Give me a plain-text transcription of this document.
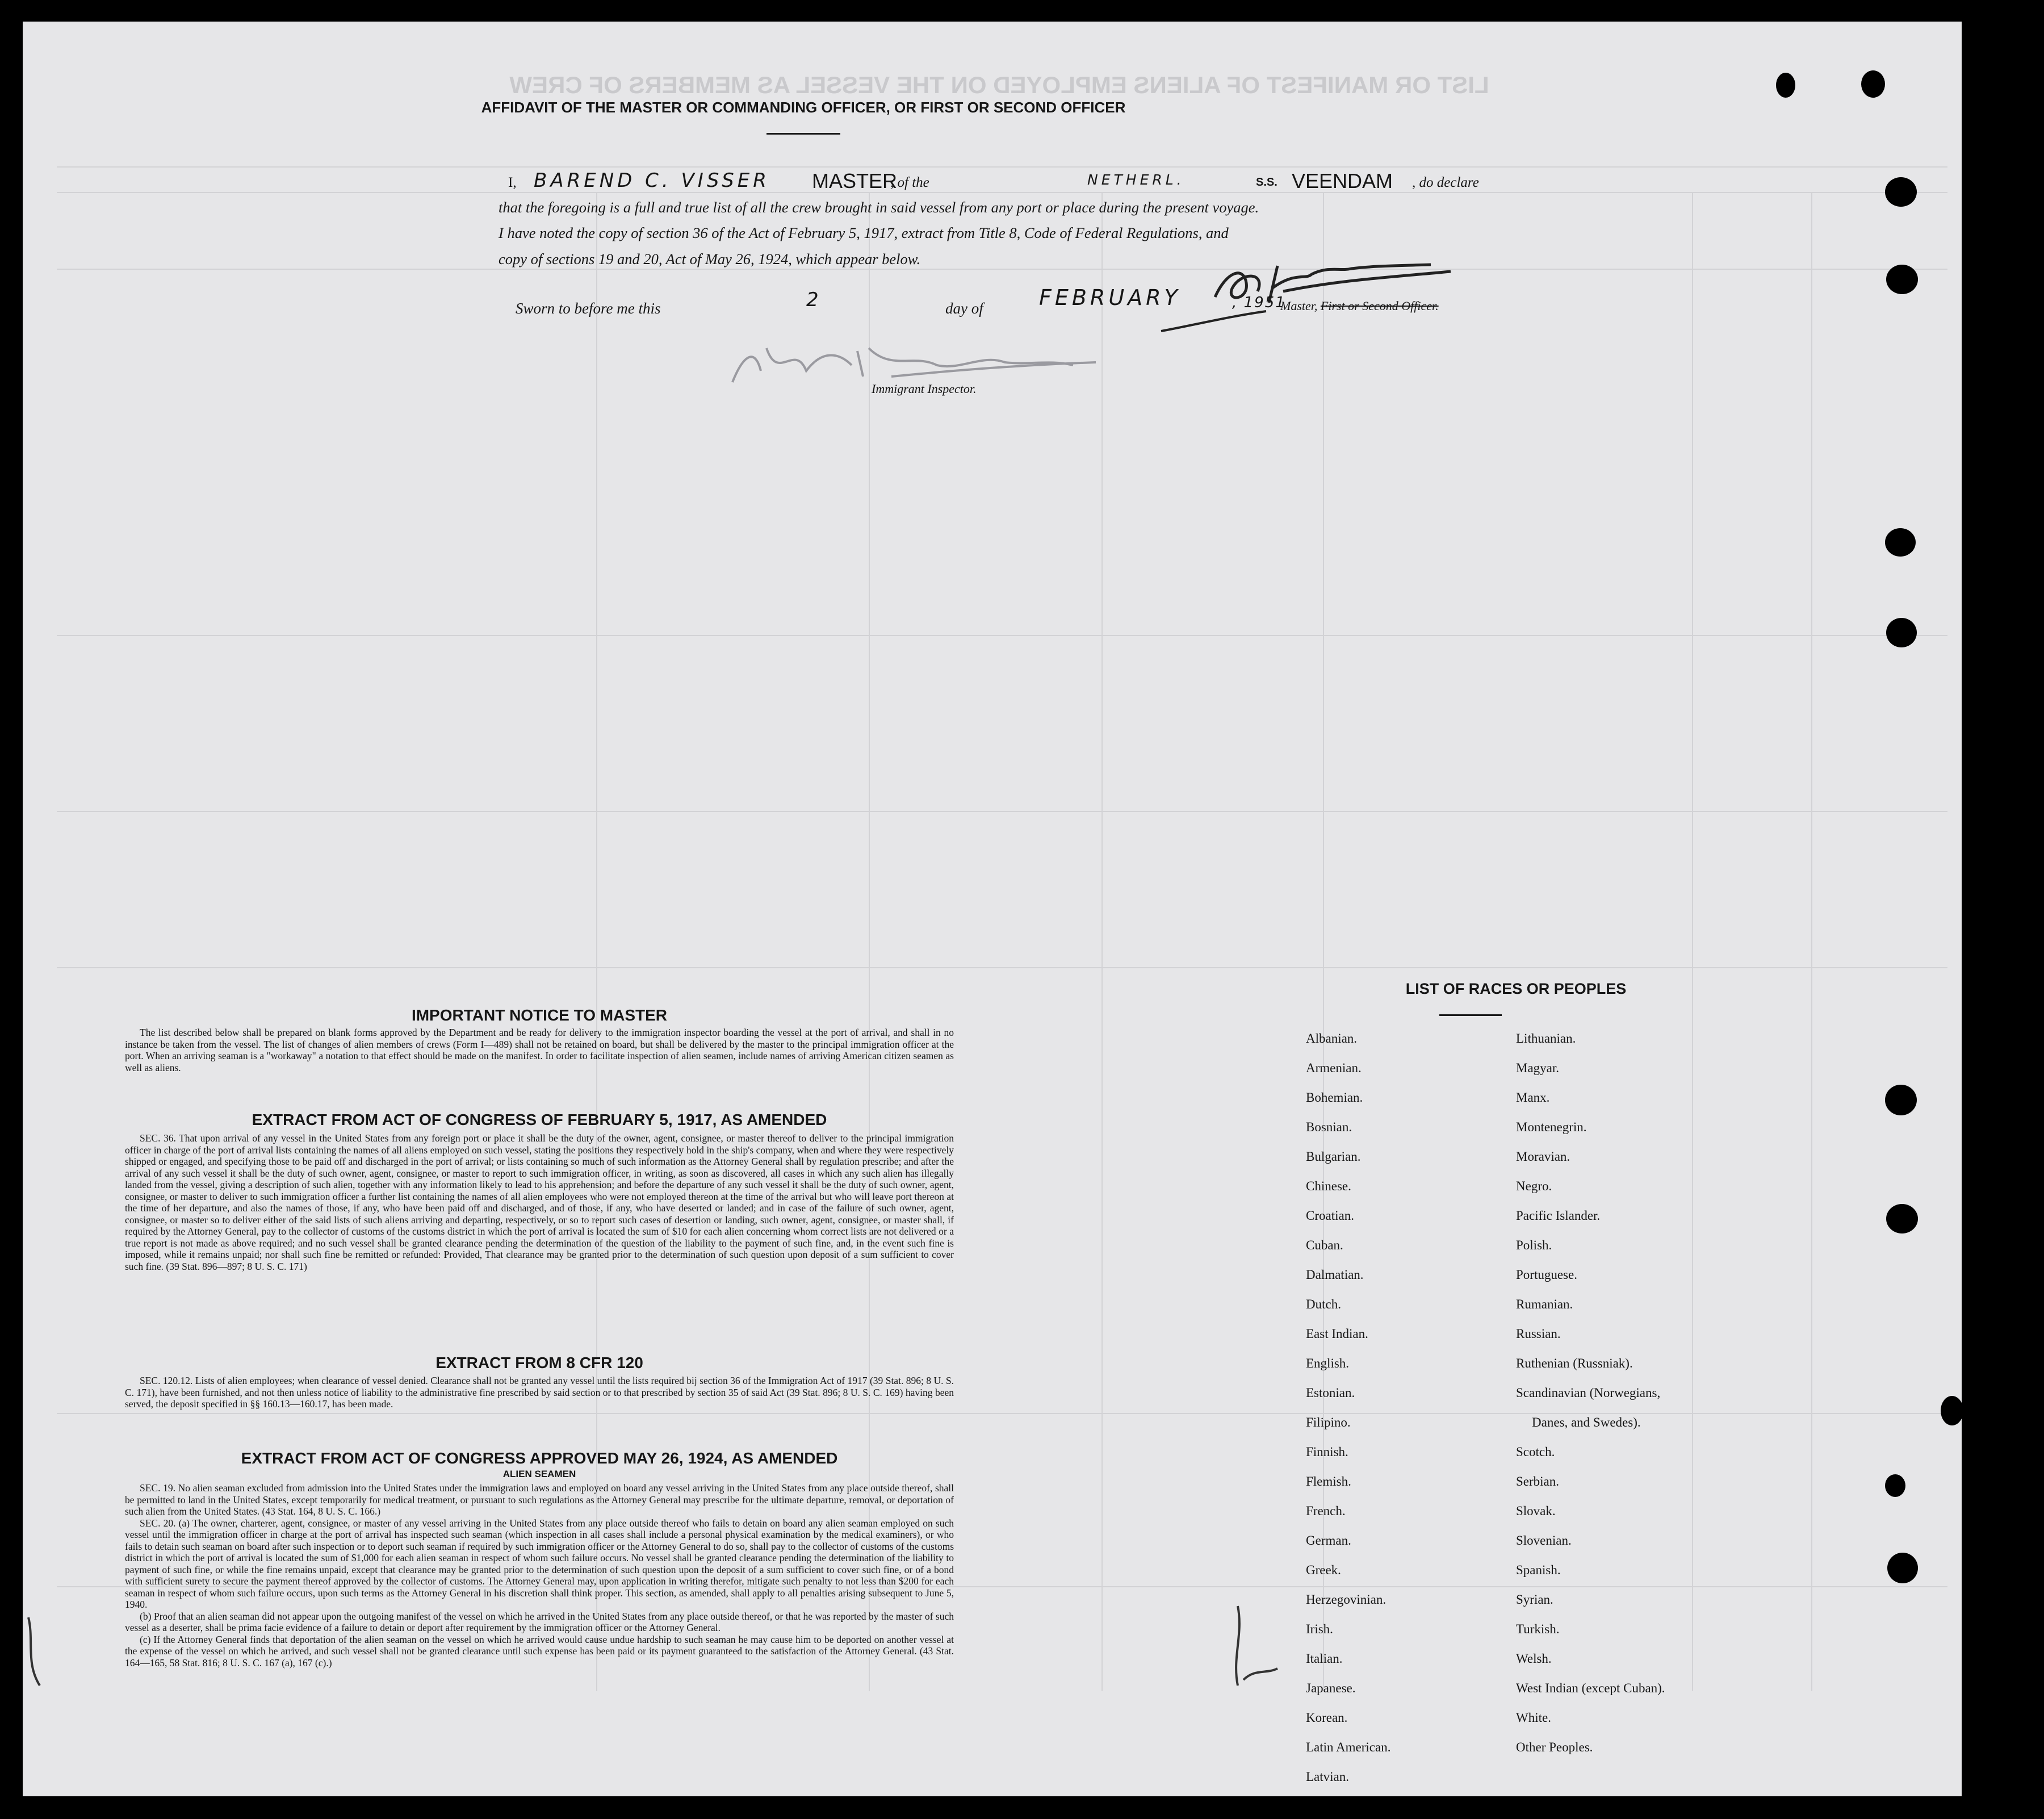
LIST OR MANIFEST OF ALIENS EMPLOYED ON THE VESSEL AS MEMBERS OF CREW
AFFIDAVIT OF THE MASTER OR COMMANDING OFFICER, OR FIRST OR SECOND OFFICER
I, BAREND C. VISSER MASTER
, of the	NETHERL.	S.S. VEENDAM , do declare
that the foregoing is a full and true list of all the crew brought in said vessel from any port or place during the present voyage.
I have noted the copy of section 36 of the Act of February 5, 1917, extract from Title 8, Code of Federal Regulations, and
copy of sections 19 and 20, Act of May 26, 1924, which appear below.
Master, First or Second Officer.
Sworn to before me this	2	day of	FEBRUARY	, 1951
Immigrant Inspector.
IMPORTANT NOTICE TO MASTER

The list described below shall be prepared on blank forms approved by the Department and be ready for delivery to the immigration inspector boarding the vessel at the port of arrival, and shall in no instance be taken from the vessel. The list of changes of alien members of crews (Form I—489) shall not be retained on board, but shall be delivered by the master to the principal immigration officer at the port. When an arriving seaman is a "workaway" a notation to that effect should be made on the manifest. In order to facilitate inspection of alien seamen, include names of arriving American citizen seamen as well as aliens.

EXTRACT FROM ACT OF CONGRESS OF FEBRUARY 5, 1917, AS AMENDED

SEC. 36. That upon arrival of any vessel in the United States from any foreign port or place it shall be the duty of the owner, agent, consignee, or master thereof to deliver to the principal immigration officer in charge of the port of arrival lists containing the names of all aliens employed on such vessel, stating the positions they respectively hold in the ship's company, when and where they were respectively shipped or engaged, and specifying those to be paid off and discharged in the port of arrival; or lists containing so much of such information as the Attorney General shall by regulation prescribe; and after the arrival of any such vessel it shall be the duty of such owner, agent, consignee, or master to report to such immigration officer, in writing, as soon as discovered, all cases in which any such alien has illegally landed from the vessel, giving a description of such alien, together with any information likely to lead to his apprehension; and before the departure of any such vessel it shall be the duty of such owner, agent, consignee, or master to deliver to such immigration officer a further list containing the names of all alien employees who were not employed thereon at the time of the arrival but who will leave port thereon at the time of her departure, and also the names of those, if any, who have been paid off and discharged, and of those, if any, who have deserted or landed; and in case of the failure of such owner, agent, consignee, or master so to deliver either of the said lists of such aliens arriving and departing, respectively, or so to report such cases of desertion or landing, such owner, agent, consignee, or master shall, if required by the Attorney General, pay to the collector of customs of the customs district in which the port of arrival is located the sum of $10 for each alien concerning whom correct lists are not delivered or a true report is not made as above required; and no such vessel shall be granted clearance pending the determination of the question of the liability to the payment of such fine, and, in the event such fine is imposed, while it remains unpaid; nor shall such fine be remitted or refunded: Provided, That clearance may be granted prior to the determination of such question upon deposit of a sum sufficient to cover such fine. (39 Stat. 896—897; 8 U. S. C. 171)

EXTRACT FROM 8 CFR 120

SEC. 120.12. Lists of alien employees; when clearance of vessel denied. Clearance shall not be granted any vessel until the lists required bij section 36 of the Immigration Act of 1917 (39 Stat. 896; 8 U. S. C. 171), have been furnished, and not then unless notice of liability to the administrative fine prescribed by said section or to that prescribed by section 35 of said Act (39 Stat. 896; 8 U. S. C. 169) having been served, the deposit specified in §§ 160.13—160.17, has been made.

EXTRACT FROM ACT OF CONGRESS APPROVED MAY 26, 1924, AS AMENDED
ALIEN SEAMEN

SEC. 19. No alien seaman excluded from admission into the United States under the immigration laws and employed on board any vessel arriving in the United States from any place outside thereof, shall be permitted to land in the United States, except temporarily for medical treatment, or pursuant to such regulations as the Attorney General may prescribe for the ultimate departure, removal, or deportation of such alien from the United States. (43 Stat. 164, 8 U. S. C. 166.)

SEC. 20. (a) The owner, charterer, agent, consignee, or master of any vessel arriving in the United States from any place outside thereof who fails to detain on board any alien seaman employed on such vessel until the immigration officer in charge at the port of arrival has inspected such seaman (which inspection in all cases shall include a personal physical examination by the medical examiners), or who fails to detain such seaman on board after such inspection or to deport such seaman if required by such immigration officer or the Attorney General to do so, shall pay to the collector of customs of the customs district in which the port of arrival is located the sum of $1,000 for each alien seaman in respect of whom such failure occurs. No vessel shall be granted clearance pending the determination of the liability to payment of such fine, or while the fine remains unpaid, except that clearance may be granted prior to the determination of such question upon the deposit of a sum sufficient to cover such fine, or of a bond with sufficient surety to secure the payment thereof approved by the collector of customs. The Attorney General may, upon application in writing therefor, mitigate such penalty to not less than $200 for each seaman in respect of whom such failure occurs, upon such terms as the Attorney General in his discretion shall think proper. This section, as amended, shall apply to all penalties arising subsequent to June 5, 1940.

(b) Proof that an alien seaman did not appear upon the outgoing manifest of the vessel on which he arrived in the United States from any place outside thereof, or that he was reported by the master of such vessel as a deserter, shall be prima facie evidence of a failure to detain or deport after requirement by the immigration officer or the Attorney General.

(c) If the Attorney General finds that deportation of the alien seaman on the vessel on which he arrived would cause undue hardship to such seaman he may cause him to be deported on another vessel at the expense of the vessel on which he arrived, and such vessel shall not be granted clearance until such expense has been paid or its payment guaranteed to the satisfaction of the Attorney General. (43 Stat. 164—165, 58 Stat. 816; 8 U. S. C. 167 (a), 167 (c).)

LIST OF RACES OR PEOPLES
Albanian.
Armenian.
Bohemian.
Bosnian.
Bulgarian.
Chinese.
Croatian.
Cuban.
Dalmatian.
Dutch.
East Indian.
English.
Estonian.
Filipino.
Finnish.
Flemish.
French.
German.
Greek.
Herzegovinian.
Irish.
Italian.
Japanese.
Korean.
Latin American.
Latvian.
Lithuanian.
Magyar.
Manx.
Montenegrin.
Moravian.
Negro.
Pacific Islander.
Polish.
Portuguese.
Rumanian.
Russian.
Ruthenian (Russniak).
Scandinavian (Norwegians,
Danes, and Swedes).
Scotch.
Serbian.
Slovak.
Slovenian.
Spanish.
Syrian.
Turkish.
Welsh.
West Indian (except Cuban).
White.
Other Peoples.
